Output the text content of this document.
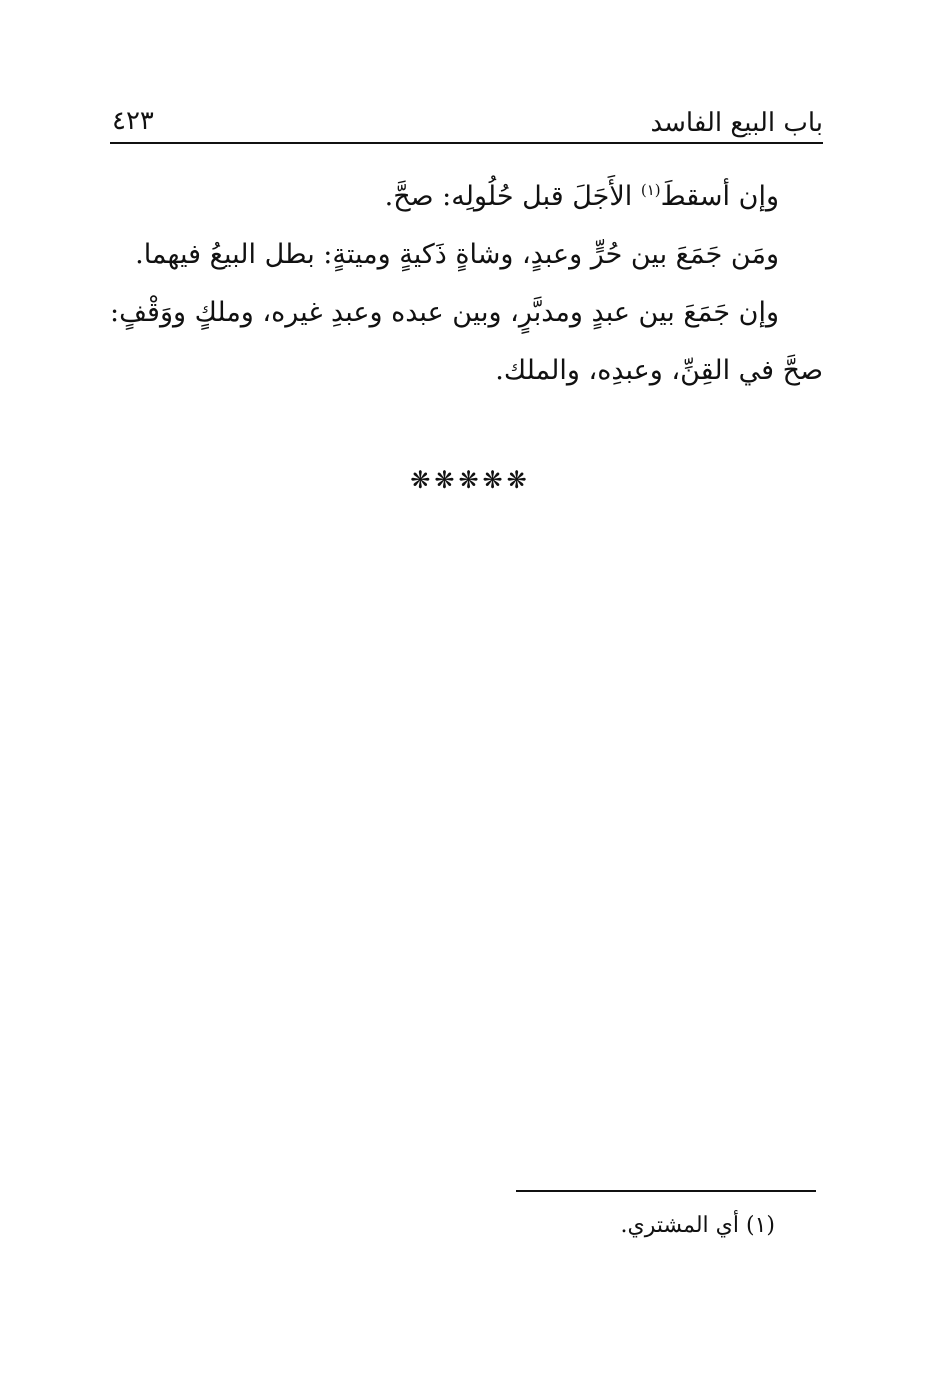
باب البيع الفاسد
٤٢٣

وإن أسقطَ$^{(١)}$ الأَجَلَ قبل حُلُولِه: صحَّ.

ومَن جَمَعَ بين حُرٍّ وعبدٍ، وشاةٍ ذَكيةٍ وميتةٍ: بطل البيعُ فيهما.

وإن جَمَعَ بين عبدٍ ومدبَّرٍ، وبين عبده وعبدِ غيره، وملكٍ ووَقْفٍ: صحَّ في القِنِّ، وعبدِه، والملك.

❋❋❋❋❋
(١) أي المشتري.
